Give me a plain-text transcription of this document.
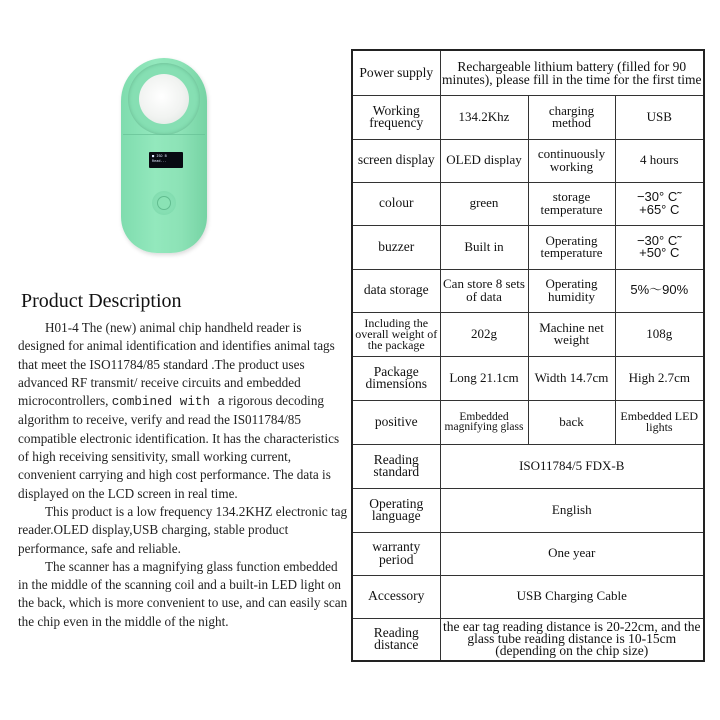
■ ISO B
Read...
Product Description

H01-4 The (new) animal chip handheld reader is designed for animal identification and identifies animal tags that meet the ISO11784/85 standard .The product uses advanced RF transmit/ receive circuits and embedded microcontrollers, combined with a rigorous decoding algorithm to receive, verify and read the IS011784/85 compatible electronic identification. It has the characteristics of high receiving sensitivity, small working current, convenient carrying and high cost performance. The data is displayed on the LCD screen in real time.

This product is a low frequency 134.2KHZ electronic tag reader.OLED display,USB charging, stable product performance, safe and reliable.

The scanner has a magnifying glass function embedded in the middle of the scanning coil and a built-in LED light on the back, which is more convenient to use, and can easily scan the chip even in the middle of the night.

Power supply	Rechargeable lithium battery (filled for 90 minutes), please fill in the time for the first time		
Working frequency	134.2Khz	charging method	USB
screen display	OLED display	continuously working	4 hours
colour	green	storage temperature	−30° C˜
+65° C

buzzer	Built in	Operating temperature	−30° C˜
+50° C

data storage	Can store 8 sets of data	Operating humidity	5%～90%
Including the overall weight of the package	202g	Machine net weight	108g
Package dimensions	Long 21.1cm	Width 14.7cm	High 2.7cm
positive	Embedded magnifying glass	back	Embedded LED lights
Reading standard	ISO11784/5 FDX-B		
Operating language	English		
warranty period	One year		
Accessory	USB Charging Cable		
Reading distance	the ear tag reading distance is 20-22cm, and the glass tube reading distance is 10-15cm (depending on the chip size)		
